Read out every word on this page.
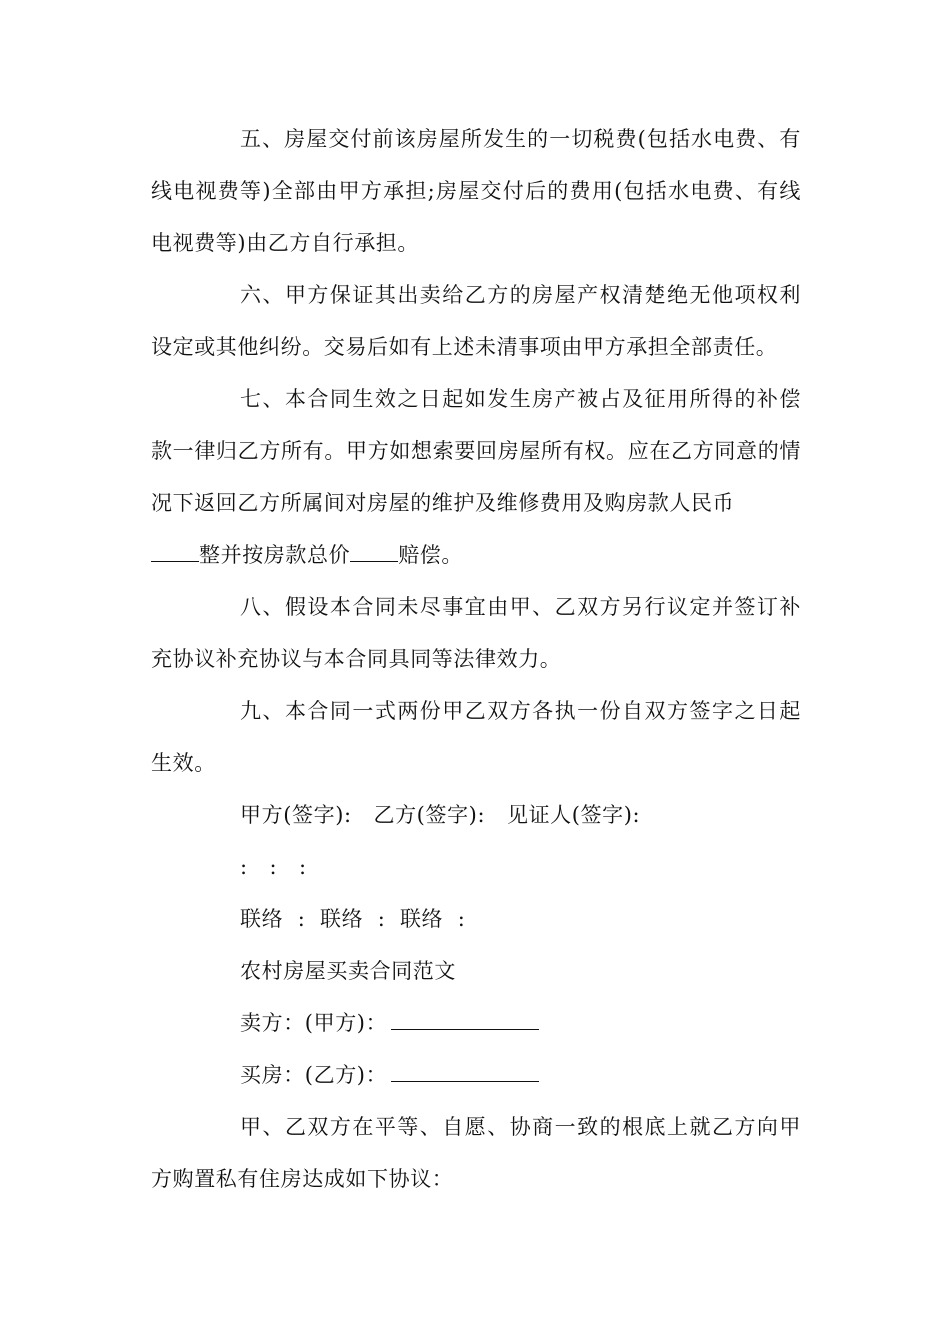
五、房屋交付前该房屋所发生的一切税费(包括水电费、有线电视费等)全部由甲方承担;房屋交付后的费用(包括水电费、有线电视费等)由乙方自行承担。

六、甲方保证其出卖给乙方的房屋产权清楚绝无他项权利设定或其他纠纷。交易后如有上述未清事项由甲方承担全部责任。

七、本合同生效之日起如发生房产被占及征用所得的补偿款一律归乙方所有。甲方如想索要回房屋所有权。应在乙方同意的情况下返回乙方所属间对房屋的维护及维修费用及购房款人民币
整并按房款总价 赔偿。

八、假设本合同未尽事宜由甲、乙双方另行议定并签订补充协议补充协议与本合同具同等法律效力。

九、本合同一式两份甲乙双方各执一份自双方签字之日起生效。

甲方(签字):   乙方(签字):   见证人(签字):

:   :   :

联络  :  联络  :  联络  :

农村房屋买卖合同范文

卖方：(甲方)：

买房：(乙方)：

甲、乙双方在平等、自愿、协商一致的根底上就乙方向甲方购置私有住房达成如下协议：
